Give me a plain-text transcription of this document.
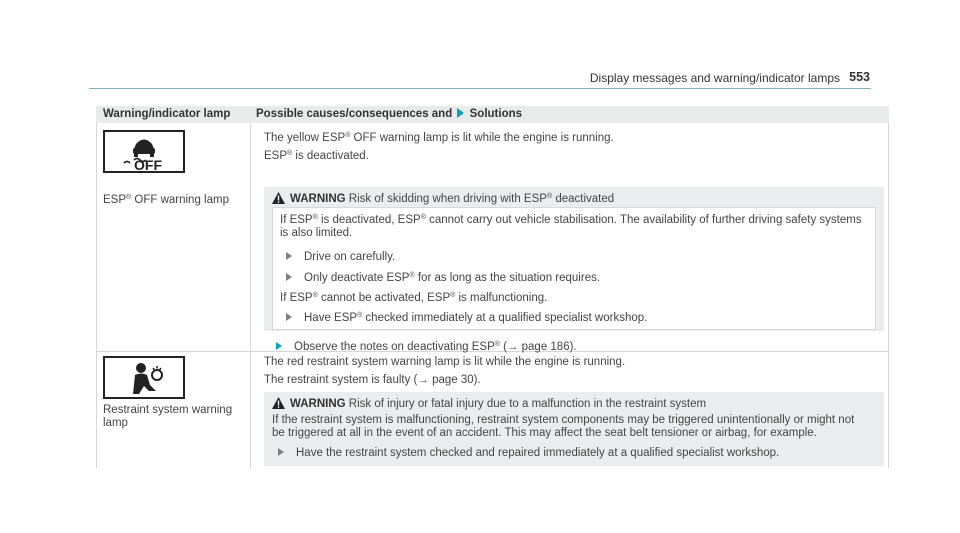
Display messages and warning/indicator lamps 553
Warning/indicator lamp Possible causes/consequences and Solutions
OFF
ESP® OFF warning lamp
The yellow ESP® OFF warning lamp is lit while the engine is running.
ESP® is deactivated.
WARNING Risk of skidding when driving with ESP® deactivated
If ESP® is deactivated, ESP® cannot carry out vehicle stabilisation. The availability of further driving safety systems
is also limited.
Drive on carefully.
Only deactivate ESP® for as long as the situation requires.
If ESP® cannot be activated, ESP® is malfunctioning.
Have ESP® checked immediately at a qualified specialist workshop.
Observe the notes on deactivating ESP® (→ page 186).
Restraint system warning
lamp
The red restraint system warning lamp is lit while the engine is running.
The restraint system is faulty (→ page 30).
WARNING Risk of injury or fatal injury due to a malfunction in the restraint system
If the restraint system is malfunctioning, restraint system components may be triggered unintentionally or might not
be triggered at all in the event of an accident. This may affect the seat belt tensioner or airbag, for example.
Have the restraint system checked and repaired immediately at a qualified specialist workshop.
